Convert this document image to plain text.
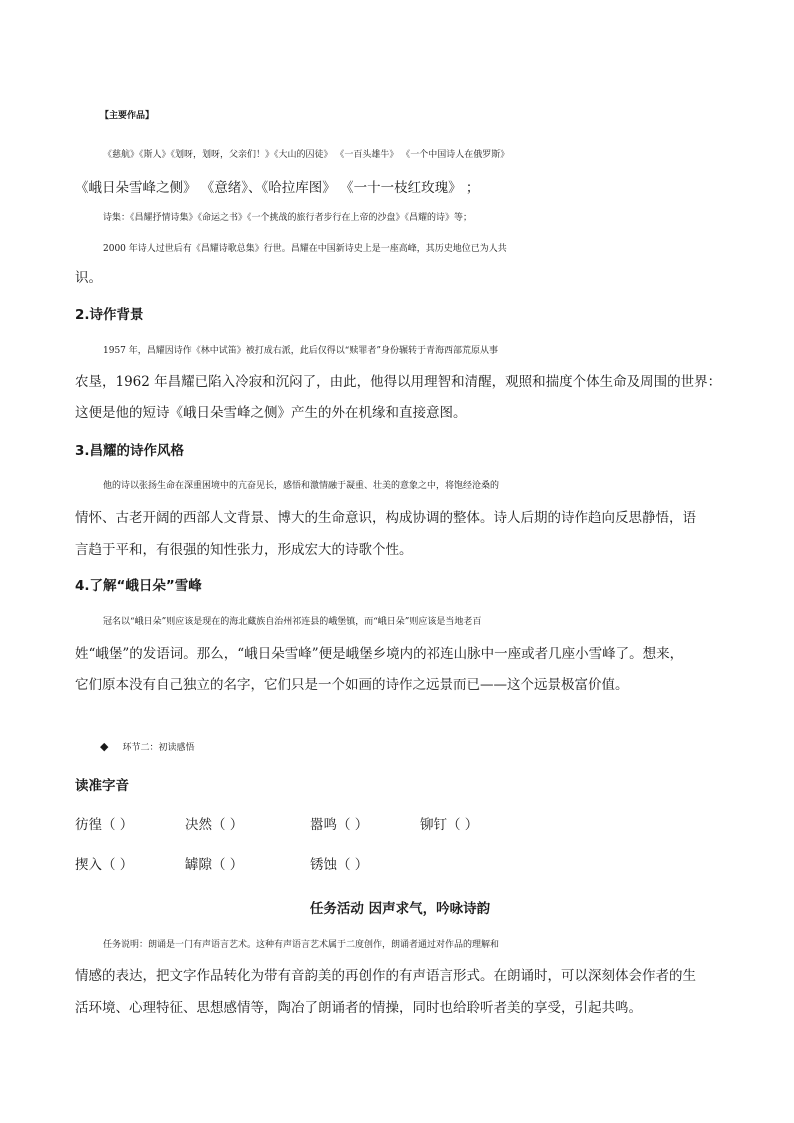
【主要作品】
《慈航》《斯人》《划呀，划呀，父亲们！》《大山的囚徒》 《一百头雄牛》 《一个中国诗人在俄罗斯》
《峨日朵雪峰之侧》 《意绪》、《哈拉库图》 《一十一枝红玫瑰》 ；
诗集：《昌耀抒情诗集》《命运之书》《一个挑战的旅行者步行在上帝的沙盘》《昌耀的诗》等；
2000 年诗人过世后有《昌耀诗歌总集》行世。昌耀在中国新诗史上是一座高峰，其历史地位已为人共
识。
2.诗作背景
1957 年，昌耀因诗作《林中试笛》被打成右派，此后仅得以“赎罪者”身份辗转于青海西部荒原从事
农垦，1962 年昌耀已陷入冷寂和沉闷了，由此，他得以用理智和清醒，观照和揣度个体生命及周围的世界：
这便是他的短诗《峨日朵雪峰之侧》产生的外在机缘和直接意图。
3.昌耀的诗作风格
他的诗以张扬生命在深重困境中的亢奋见长，感悟和激情融于凝重、壮美的意象之中，将饱经沧桑的
情怀、古老开阔的西部人文背景、博大的生命意识，构成协调的整体。诗人后期的诗作趋向反思静悟，语
言趋于平和，有很强的知性张力，形成宏大的诗歌个性。
4.了解“峨日朵”雪峰
冠名以“峨日朵”则应该是现在的海北藏族自治州祁连县的峨堡镇，而“峨日朵”则应该是当地老百
姓“峨堡”的发语词。那么，“峨日朵雪峰”便是峨堡乡境内的祁连山脉中一座或者几座小雪峰了。想来，
它们原本没有自己独立的名字，它们只是一个如画的诗作之远景而已——这个远景极富价值。
◆ 环节二：初读感悟
读准字音
彷徨（ ）	决然（ ）	嚣鸣（ ）	铆钉（ ）
揳入（ ）	罅隙（ ）	锈蚀（ ）
任务活动 因声求气，吟咏诗韵
任务说明：朗诵是一门有声语言艺术。这种有声语言艺术属于二度创作，朗诵者通过对作品的理解和
情感的表达，把文字作品转化为带有音韵美的再创作的有声语言形式。在朗诵时，可以深刻体会作者的生
活环境、心理特征、思想感情等，陶冶了朗诵者的情操，同时也给聆听者美的享受，引起共鸣。
